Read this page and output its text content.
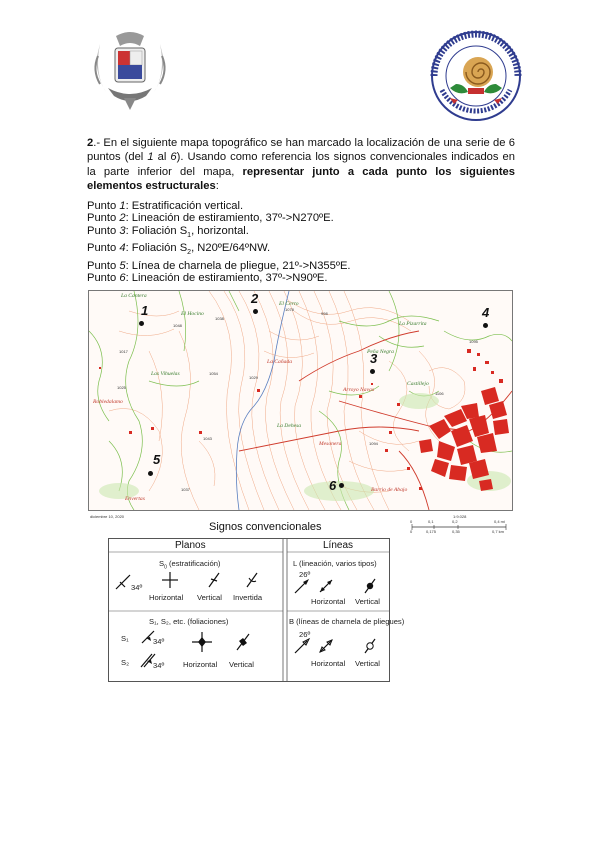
2.- En el siguiente mapa topográfico se han marcado la localización de una serie de 6 puntos (del 1 al 6). Usando como referencia los signos convencionales indicados en la parte inferior del mapa, representar junto a cada punto los siguientes elementos estructurales:

Punto 1: Estratificación vertical.
Punto 2: Lineación de estiramiento, 37º->N270ºE.
Punto 3: Foliación $S_1$, horizontal.
Punto 4: Foliación $S_2$, N20ºE/64ºNW.
Punto 5: Línea de charnela de pliegue, 21º->N355ºE.
Punto 6: Lineación de estiramiento, 37º->N90ºE.
La Cantera
El Hocino
El Cerro
La Pizarrita
La Cañada
Peña Negra
Las Vihuelas
Robledalamo
La Dehesa
Arroyo Navas
Castillejo
Mesonera
Barrio de Abajo
Envertas
1078
1048
1038
1017
1054
1025
1029
1043
1095
1106
1037
1094
998
1
2
3
4
5
6
diciembre 10, 2020	1:9.028
0	0,1	0,2	0,4 mi
0	0,175	0,35	0,7 km
Signos convencionales
Planos	Líneas
$S_0$ (estratificación)
34º
Horizontal Vertical Invertida
S₁, S₂, etc. (foliaciones)
S₁	34º
S₂	34º Horizontal Vertical
L (lineación, varios tipos)
26º
Horizontal Vertical
B (líneas de charnela de pliegues)
26º
Horizontal Vertical
